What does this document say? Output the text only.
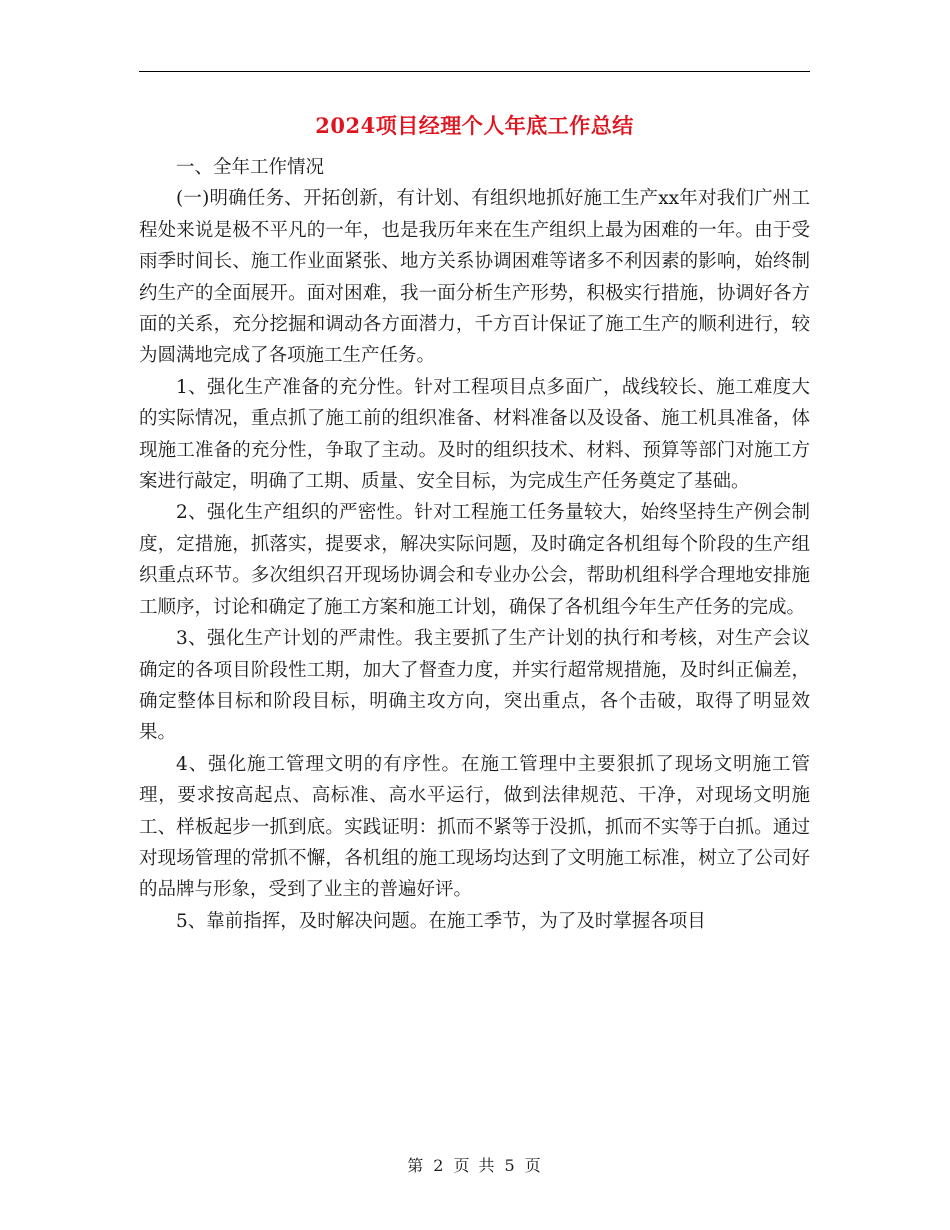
2024项目经理个人年底工作总结

一、全年工作情况

(一)明确任务、开拓创新，有计划、有组织地抓好施工生产xx年对我们广州工程处来说是极不平凡的一年，也是我历年来在生产组织上最为困难的一年。由于受雨季时间长、施工作业面紧张、地方关系协调困难等诸多不利因素的影响，始终制约生产的全面展开。面对困难，我一面分析生产形势，积极实行措施，协调好各方面的关系，充分挖掘和调动各方面潜力，千方百计保证了施工生产的顺利进行，较为圆满地完成了各项施工生产任务。

1、强化生产准备的充分性。针对工程项目点多面广，战线较长、施工难度大的实际情况，重点抓了施工前的组织准备、材料准备以及设备、施工机具准备，体现施工准备的充分性，争取了主动。及时的组织技术、材料、预算等部门对施工方案进行敲定，明确了工期、质量、安全目标，为完成生产任务奠定了基础。

2、强化生产组织的严密性。针对工程施工任务量较大，始终坚持生产例会制度，定措施，抓落实，提要求，解决实际问题，及时确定各机组每个阶段的生产组织重点环节。多次组织召开现场协调会和专业办公会，帮助机组科学合理地安排施工顺序，讨论和确定了施工方案和施工计划，确保了各机组今年生产任务的完成。

3、强化生产计划的严肃性。我主要抓了生产计划的执行和考核，对生产会议确定的各项目阶段性工期，加大了督查力度，并实行超常规措施，及时纠正偏差，确定整体目标和阶段目标，明确主攻方向，突出重点，各个击破，取得了明显效果。

4、强化施工管理文明的有序性。在施工管理中主要狠抓了现场文明施工管理，要求按高起点、高标准、高水平运行，做到法律规范、干净，对现场文明施工、样板起步一抓到底。实践证明：抓而不紧等于没抓，抓而不实等于白抓。通过对现场管理的常抓不懈，各机组的施工现场均达到了文明施工标准，树立了公司好的品牌与形象，受到了业主的普遍好评。

5、靠前指挥，及时解决问题。在施工季节，为了及时掌握各项目

第 2 页 共 5 页
